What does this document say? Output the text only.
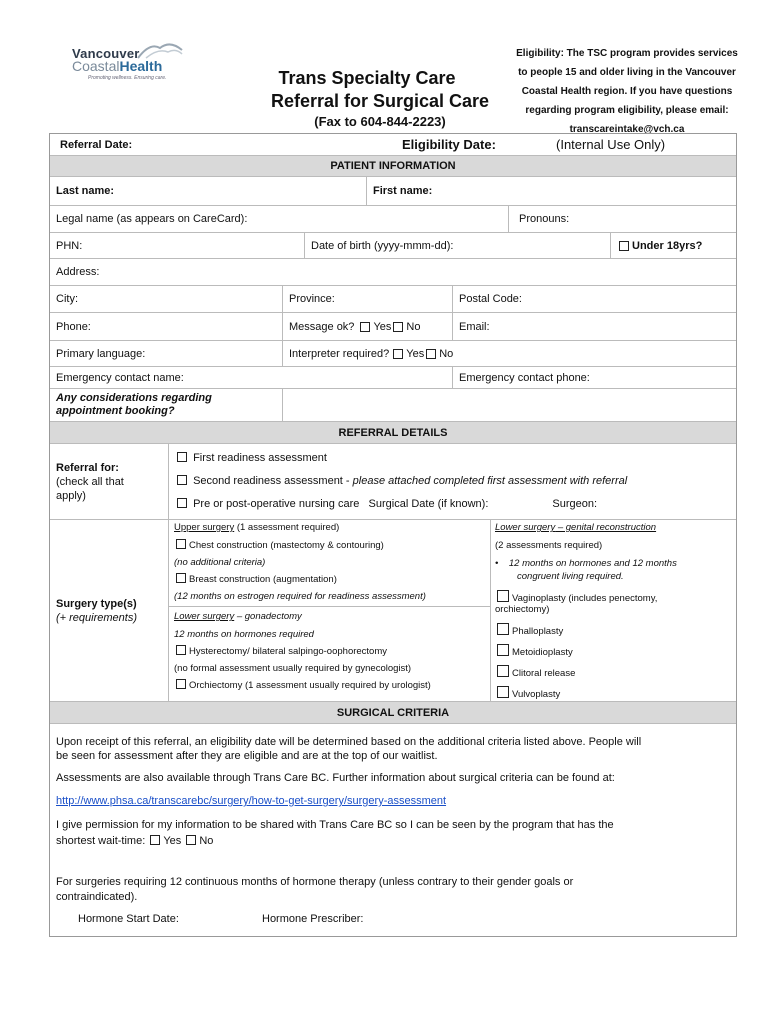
Vancouver
CoastalHealth
Promoting wellness. Ensuring care.	Trans Specialty Care
Referral for Surgical Care
(Fax to 604-844-2223)
Eligibility: The TSC program provides services
to people 15 and older living in the Vancouver
Coastal Health region. If you have questions
regarding program eligibility, please email:
transcareintake@vch.ca
Referral Date:	Eligibility Date:	(Internal Use Only)
PATIENT INFORMATION
Last name:	First name:
Legal name (as appears on CareCard):	Pronouns:
PHN:	Date of birth (yyyy-mmm-dd):	Under 18yrs?
Address:
City:	Province:	Postal Code:
Phone:	Message ok? Yes No	Email:
Primary language:	Interpreter required? Yes No
Emergency contact name:	Emergency contact phone:
Any considerations regarding
appointment booking?
REFERRAL DETAILS
Referral for:
(check all that
apply)
First readiness assessment
Second readiness assessment - please attached completed first assessment with referral
Pre or post-operative nursing care Surgical Date (if known):	Surgeon:
Surgery type(s)
(+ requirements)
Upper surgery (1 assessment required)
Chest construction (mastectomy & contouring)
(no additional criteria)
Breast construction (augmentation)
(12 months on estrogen required for readiness assessment)
Lower surgery – gonadectomy
12 months on hormones required
Hysterectomy/ bilateral salpingo-oophorectomy
(no formal assessment usually required by gynecologist)
Orchiectomy (1 assessment usually required by urologist)
Lower surgery – genital reconstruction
(2 assessments required)
•    12 months on hormones and 12 months
congruent living required.
Vaginoplasty (includes penectomy,
orchiectomy)
Phalloplasty
Metoidioplasty
Clitoral release
Vulvoplasty
SURGICAL CRITERIA
Upon receipt of this referral, an eligibility date will be determined based on the additional criteria listed above. People will
be seen for assessment after they are eligible and are at the top of our waitlist.
Assessments are also available through Trans Care BC. Further information about surgical criteria can be found at:
http://www.phsa.ca/transcarebc/surgery/how-to-get-surgery/surgery-assessment
I give permission for my information to be shared with Trans Care BC so I can be seen by the program that has the
shortest wait-time: Yes No
For surgeries requiring 12 continuous months of hormone therapy (unless contrary to their gender goals or
contraindicated).
Hormone Start Date:	Hormone Prescriber:
